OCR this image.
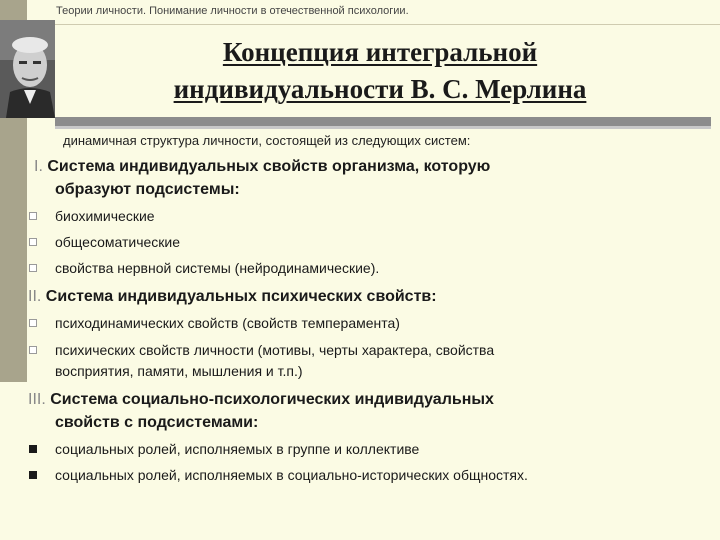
Теории личности. Понимание личности в отечественной психологии.
Концепция интегральной
индивидуальности В. С. Мерлина
динамичная структура личности, состоящей из следующих систем:
I. Система индивидуальных свойств организма, которую
образуют подсистемы:
биохимические
общесоматические
свойства нервной системы (нейродинамические).
II. Система индивидуальных психических свойств:
психодинамических свойств (свойств темперамента)
психических свойств личности (мотивы, черты характера, свойства
восприятия, памяти, мышления и т.п.)
III. Система социально-психологических индивидуальных
свойств с подсистемами:
социальных ролей, исполняемых в группе и коллективе
социальных ролей, исполняемых в социально-исторических общностях.
